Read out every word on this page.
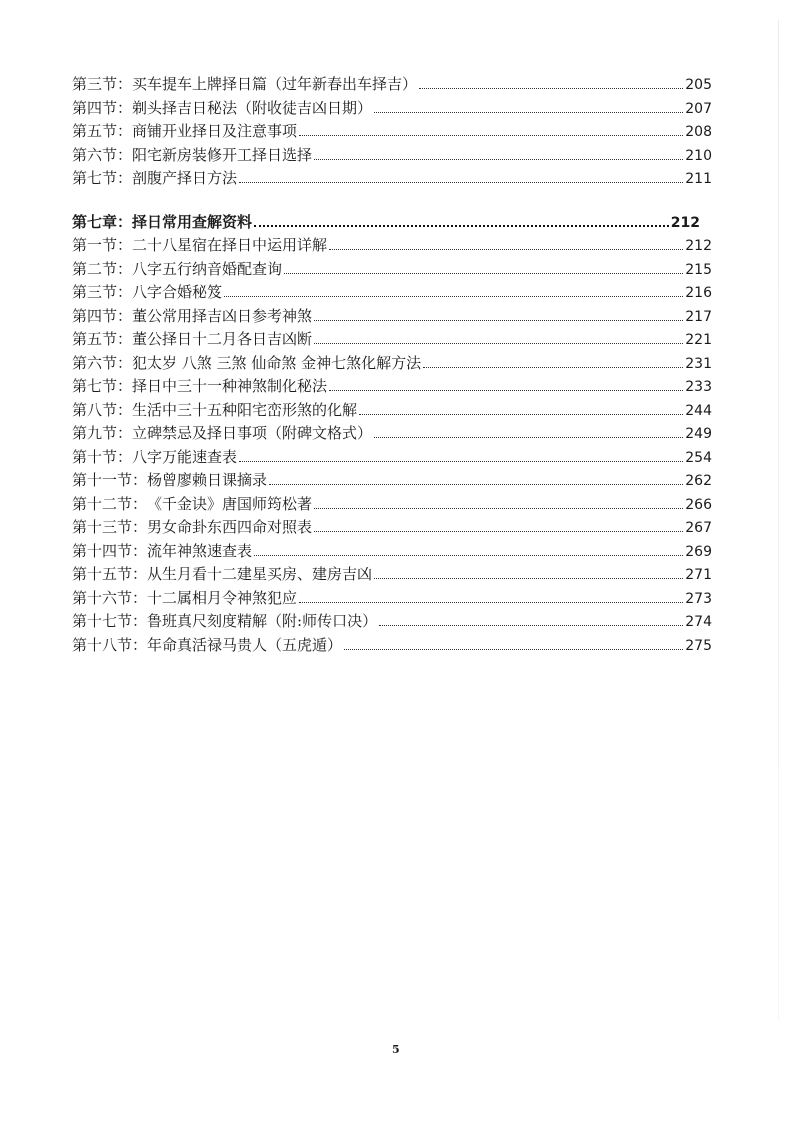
第三节： 买车提车上牌择日篇（过年新春出车择吉）	205
第四节： 剃头择吉日秘法（附收徒吉凶日期）	207
第五节： 商铺开业择日及注意事项	208
第六节： 阳宅新房装修开工择日选择	210
第七节： 剖腹产择日方法	211
第七章： 择日常用查解资料	212
第一节： 二十八星宿在择日中运用详解	212
第二节： 八字五行纳音婚配查询	215
第三节： 八字合婚秘笈	216
第四节： 董公常用择吉凶日参考神煞	217
第五节： 董公择日十二月各日吉凶断	221
第六节： 犯太岁 八煞 三煞 仙命煞 金神七煞化解方法	231
第七节： 择日中三十一种神煞制化秘法	233
第八节： 生活中三十五种阳宅峦形煞的化解	244
第九节： 立碑禁忌及择日事项（附碑文格式）	249
第十节： 八字万能速查表	254
第十一节： 杨曾廖赖日课摘录	262
第十二节： 《千金诀》唐国师筠松著	266
第十三节： 男女命卦东西四命对照表	267
第十四节： 流年神煞速查表	269
第十五节： 从生月看十二建星买房、建房吉凶	271
第十六节： 十二属相月令神煞犯应	273
第十七节： 鲁班真尺刻度精解（附:师传口决）	274
第十八节： 年命真活禄马贵人（五虎遁）	275
5
